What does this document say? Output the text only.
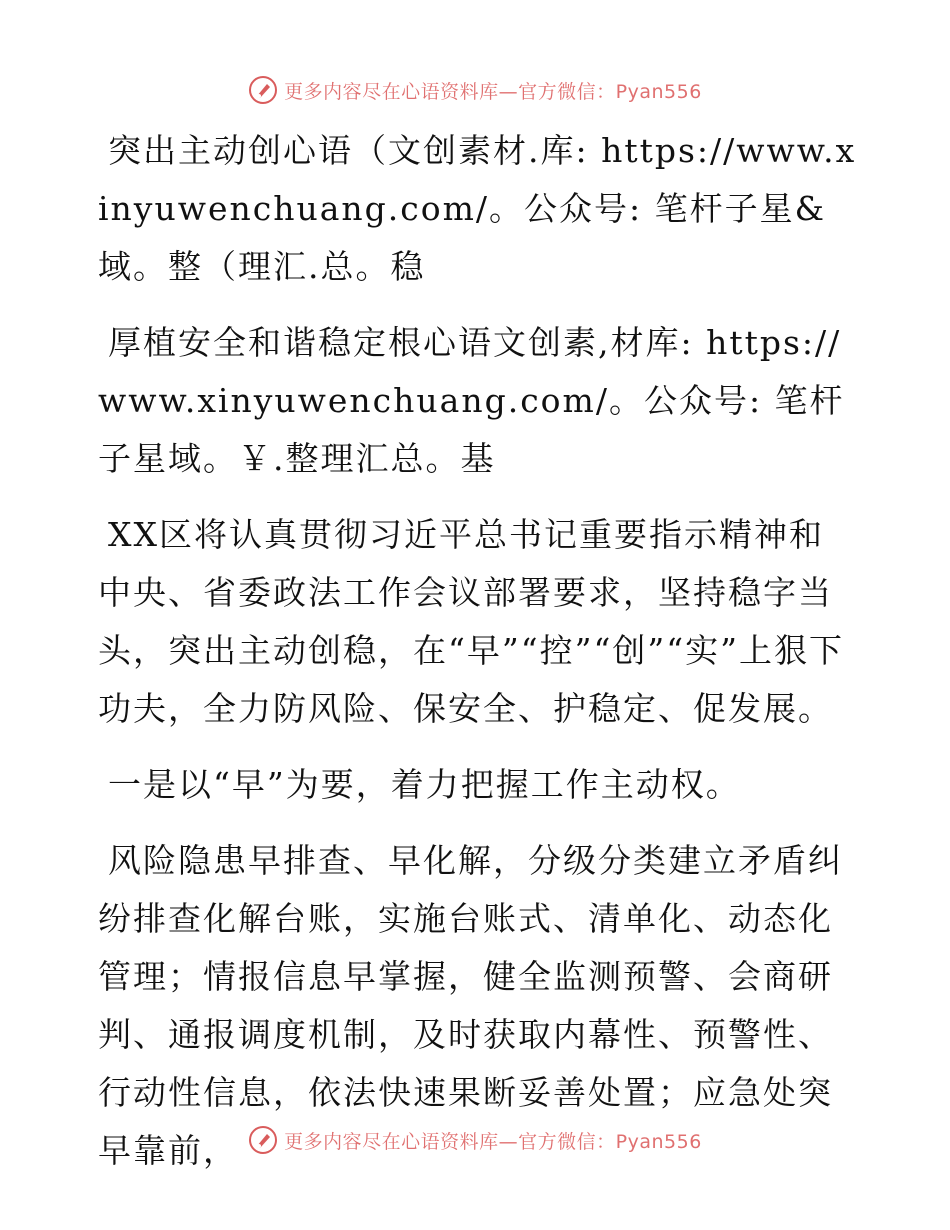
更多内容尽在心语资料库—官方微信：Pyan556

突出主动创心语（文创素材.库: https://www.xinyuwenchuang.com/。公众号: 笔杆子星&域。整（理汇.总。稳

厚植安全和谐稳定根心语文创素,材库: https://www.xinyuwenchuang.com/。公众号: 笔杆子星域。￥.整理汇总。基

XX区将认真贯彻习近平总书记重要指示精神和中央、省委政法工作会议部署要求，坚持稳字当头，突出主动创稳，在“早”“控”“创”“实”上狠下功夫，全力防风险、保安全、护稳定、促发展。

一是以“早”为要，着力把握工作主动权。

风险隐患早排查、早化解，分级分类建立矛盾纠纷排查化解台账，实施台账式、清单化、动态化管理；情报信息早掌握，健全监测预警、会商研判、通报调度机制，及时获取内幕性、预警性、行动性信息，依法快速果断妥善处置；应急处突早靠前，	更多内容尽在心语资料库—官方微信：Pyan556
